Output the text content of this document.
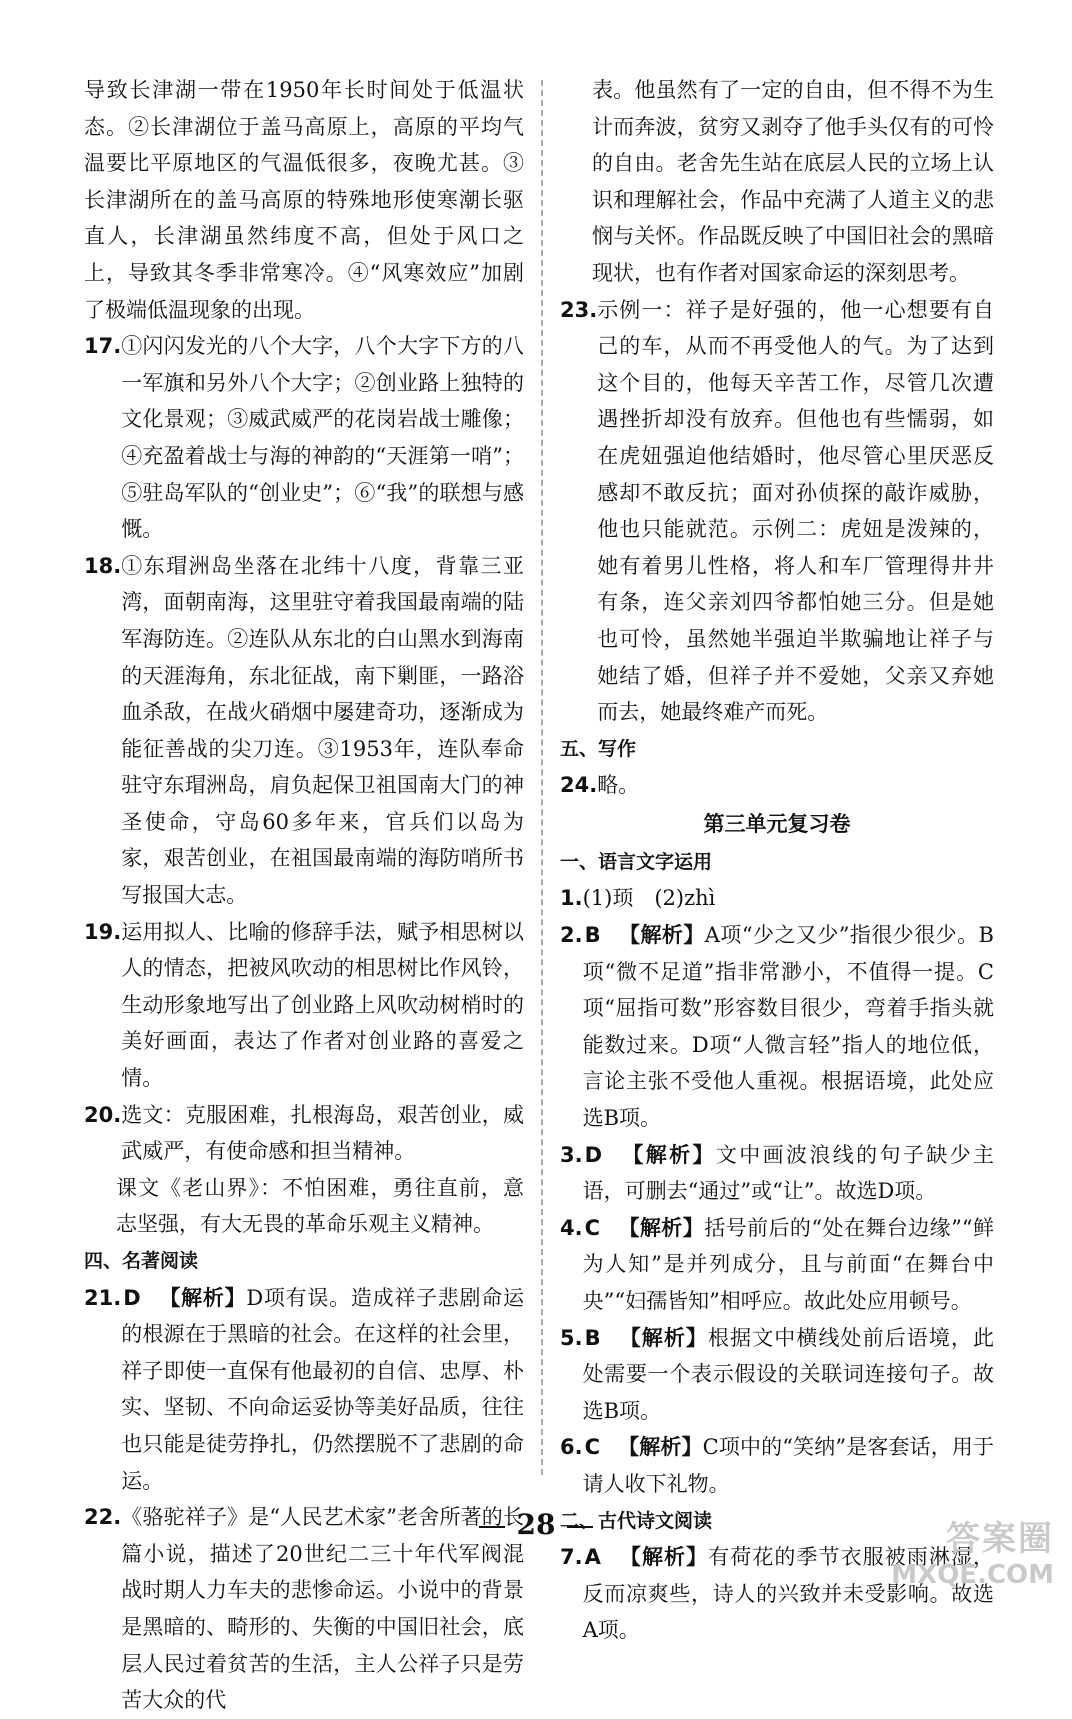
导致长津湖一带在1950年长时间处于低温状态。②长津湖位于盖马高原上，高原的平均气温要比平原地区的气温低很多，夜晚尤甚。③长津湖所在的盖马高原的特殊地形使寒潮长驱直人，长津湖虽然纬度不高，但处于风口之上，导致其冬季非常寒冷。④“风寒效应”加剧了极端低温现象的出现。

17. ①闪闪发光的八个大字，八个大字下方的八一军旗和另外八个大字；②创业路上独特的文化景观；③威武威严的花岗岩战士雕像；④充盈着战士与海的神韵的“天涯第一哨”；⑤驻岛军队的“创业史”；⑥“我”的联想与感慨。
18. ①东瑁洲岛坐落在北纬十八度，背靠三亚湾，面朝南海，这里驻守着我国最南端的陆军海防连。②连队从东北的白山黑水到海南的天涯海角，东北征战，南下剿匪，一路浴血杀敌，在战火硝烟中屡建奇功，逐渐成为能征善战的尖刀连。③1953年，连队奉命驻守东瑁洲岛，肩负起保卫祖国南大门的神圣使命，守岛60多年来，官兵们以岛为家，艰苦创业，在祖国最南端的海防哨所书写报国大志。
19. 运用拟人、比喻的修辞手法，赋予相思树以人的情态，把被风吹动的相思树比作风铃，生动形象地写出了创业路上风吹动树梢时的美好画面，表达了作者对创业路的喜爱之情。
20. 选文：克服困难，扎根海岛，艰苦创业，威武威严，有使命感和担当精神。

课文《老山界》：不怕困难，勇往直前，意志坚强，有大无畏的革命乐观主义精神。

四、名著阅读

21. D 【解析】D项有误。造成祥子悲剧命运的根源在于黑暗的社会。在这样的社会里，祥子即使一直保有他最初的自信、忠厚、朴实、坚韧、不向命运妥协等美好品质，往往也只能是徒劳挣扎，仍然摆脱不了悲剧的命运。
22. 《骆驼祥子》是“人民艺术家”老舍所著的长篇小说，描述了20世纪二三十年代军阀混战时期人力车夫的悲惨命运。小说中的背景是黑暗的、畸形的、失衡的中国旧社会，底层人民过着贫苦的生活，主人公祥子只是劳苦大众的代

表。他虽然有了一定的自由，但不得不为生计而奔波，贫穷又剥夺了他手头仅有的可怜的自由。老舍先生站在底层人民的立场上认识和理解社会，作品中充满了人道主义的悲悯与关怀。作品既反映了中国旧社会的黑暗现状，也有作者对国家命运的深刻思考。

23. 示例一：祥子是好强的，他一心想要有自己的车，从而不再受他人的气。为了达到这个目的，他每天辛苦工作，尽管几次遭遇挫折却没有放弃。但他也有些懦弱，如在虎妞强迫他结婚时，他尽管心里厌恶反感却不敢反抗；面对孙侦探的敲诈威胁，他也只能就范。示例二：虎妞是泼辣的，她有着男儿性格，将人和车厂管理得井井有条，连父亲刘四爷都怕她三分。但是她也可怜，虽然她半强迫半欺骗地让祥子与她结了婚，但祥子并不爱她，父亲又弃她而去，她最终难产而死。

五、写作

24. 略。

第三单元复习卷

一、语言文字运用

1. (1)顼　(2)zhì
2. B 【解析】A项“少之又少”指很少很少。B项“微不足道”指非常渺小，不值得一提。C项“屈指可数”形容数目很少，弯着手指头就能数过来。D项“人微言轻”指人的地位低，言论主张不受他人重视。根据语境，此处应选B项。
3. D 【解析】文中画波浪线的句子缺少主语，可删去“通过”或“让”。故选D项。
4. C 【解析】括号前后的“处在舞台边缘”“鲜为人知”是并列成分，且与前面“在舞台中央”“妇孺皆知”相呼应。故此处应用顿号。
5. B 【解析】根据文中横线处前后语境，此处需要一个表示假设的关联词连接句子。故选B项。
6. C 【解析】C项中的“笑纳”是客套话，用于请人收下礼物。

二、古代诗文阅读

7. A 【解析】有荷花的季节衣服被雨淋湿，反而凉爽些，诗人的兴致并未受影响。故选A项。
28	答案圈
MXQE.COM
